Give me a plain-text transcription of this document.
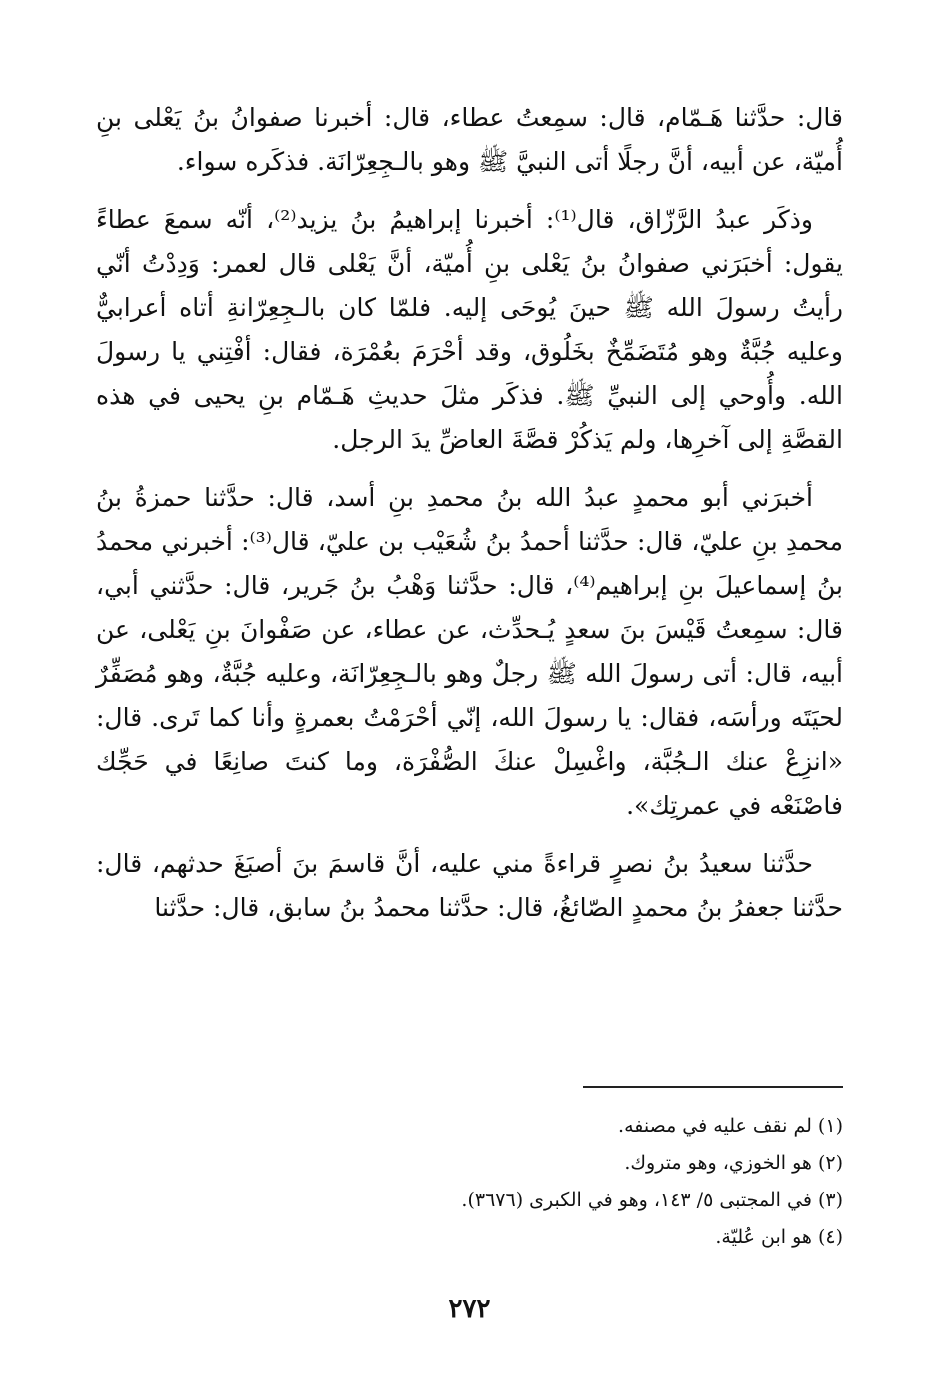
قال: حدَّثنا هَـمّام، قال: سمِعتُ عطاء، قال: أخبرنا صفوانُ بنُ يَعْلى بنِ أُميّة، عن أبيه، أنَّ رجلًا أتى النبيَّ ﷺ وهو بالـجِعِرّانَة. فذكَره سواء.

وذكَر عبدُ الرَّزّاق، قال⁽¹⁾: أخبرنا إبراهيمُ بنُ يزيد⁽²⁾، أنّه سمعَ عطاءً يقول: أخبَرَني صفوانُ بنُ يَعْلى بنِ أُميّة، أنَّ يَعْلى قال لعمر: وَدِدْتُ أنّي رأيتُ رسولَ الله ﷺ حينَ يُوحَى إليه. فلمّا كان بالـجِعِرّانةِ أتاه أعرابيٌّ وعليه جُبَّةٌ وهو مُتَضَمِّخٌ بخَلُوق، وقد أحْرَمَ بعُمْرَة، فقال: أفْتِني يا رسولَ الله. وأُوحي إلى النبيِّ ﷺ. فذكَر مثلَ حديثِ هَـمّام بنِ يحيى في هذه القصَّةِ إلى آخرِها، ولم يَذكُرْ قصَّةَ العاضِّ يدَ الرجل.

أخبرَني أبو محمدٍ عبدُ الله بنُ محمدِ بنِ أسد، قال: حدَّثنا حمزةُ بنُ محمدِ بنِ عليّ، قال: حدَّثنا أحمدُ بنُ شُعَيْب بن عليّ، قال⁽³⁾: أخبرني محمدُ بنُ إسماعيلَ بنِ إبراهيم⁽⁴⁾، قال: حدَّثنا وَهْبُ بنُ جَرير، قال: حدَّثني أبي، قال: سمِعتُ قَيْسَ بنَ سعدٍ يُـحدِّث، عن عطاء، عن صَفْوانَ بنِ يَعْلى، عن أبيه، قال: أتى رسولَ الله ﷺ رجلٌ وهو بالـجِعِرّانَة، وعليه جُبَّةٌ، وهو مُصَفِّرٌ لحيَتَه ورأسَه، فقال: يا رسولَ الله، إنّي أحْرَمْتُ بعمرةٍ وأنا كما تَرى. قال: «انزِعْ عنك الـجُبَّة، واغْسِلْ عنكَ الصُّفْرَة، وما كنتَ صانِعًا في حَجِّك فاصْنَعْه في عمرتِك».

حدَّثنا سعيدُ بنُ نصرٍ قراءةً مني عليه، أنَّ قاسمَ بنَ أصبَغَ حدثهم، قال: حدَّثنا جعفرُ بنُ محمدٍ الصّائغُ، قال: حدَّثنا محمدُ بنُ سابق، قال: حدَّثنا

(١) لم نقف عليه في مصنفه.

(٢) هو الخوزي، وهو متروك.

(٣) في المجتبى ٥/ ١٤٣، وهو في الكبرى (٣٦٧٦).

(٤) هو ابن عُليّة.

٢٧٢
